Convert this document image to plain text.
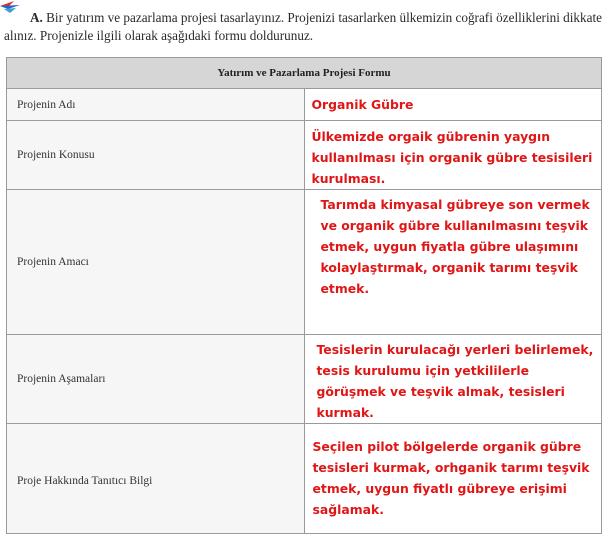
A. Bir yatırım ve pazarlama projesi tasarlayınız. Projenizi tasarlarken ülkemizin coğrafi özelliklerini dikkate alınız. Projenizle ilgili olarak aşağıdaki formu doldurunuz.
Yatırım ve Pazarlama Projesi Formu	
Projenin Adı	Organik Gübre
Projenin Konusu	Ülkemizde orgaik gübrenin yaygın kullanılması için organik gübre tesisileri kurulması.
Projenin Amacı	Tarımda kimyasal gübreye son vermek ve organik gübre kullanılmasını teşvik etmek, uygun fiyatla gübre ulaşımını kolaylaştırmak, organik tarımı teşvik etmek.
Projenin Aşamaları	Tesislerin kurulacağı yerleri belirlemek, tesis kurulumu için yetkililerle görüşmek ve teşvik almak, tesisleri kurmak.
Proje Hakkında Tanıtıcı Bilgi	Seçilen pilot bölgelerde organik gübre tesisleri kurmak, orhganik tarımı teşvik etmek, uygun fiyatlı gübreye erişimi sağlamak.
